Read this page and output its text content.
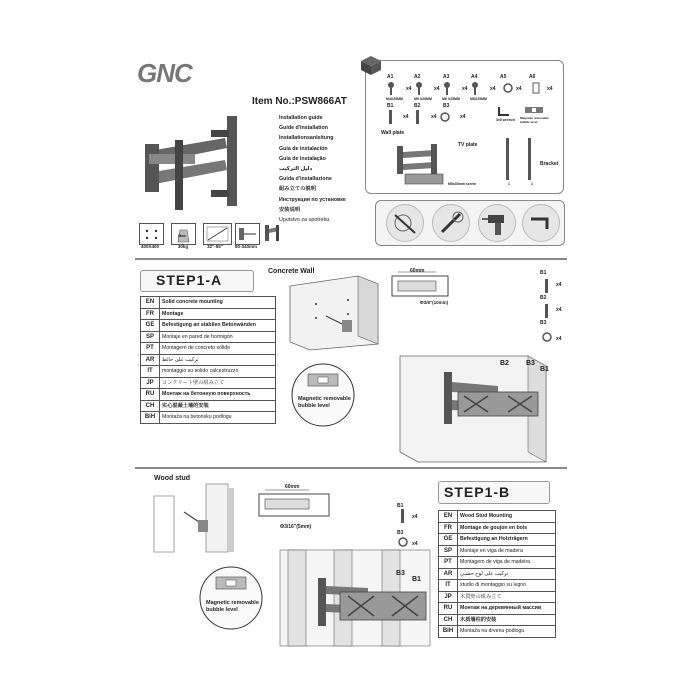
GNC
Item No.:PSW866AT
Installation guide
Guide d'installation
Installationsanleitung
Guía de instalación
Guia de instalação
دليل التركيب
Guida d'installazione
組み立ての説明
Инструкция по установке
安装说明
Uputstvo za upotrebu
400X400
Max
30kg	32"-55"	80-340mm
A1
x4
M4X25MM
A2
x4
M5 X25MM
A3
x4
M6 X25MM
A4
x4
M8X25MM
A5
x4
A6
x4
B1
x4
B2
x4
B3
x4	3x5 wrench	Magnetic removable bubble level
Wall plate
TV plate
Bracket
M5x30mm screw	1	1
STEP1-A
Concrete Wall	60mm
Φ3/8"(10mm)
B1
x4
B2
x4
B3
x4
EN	Solid concrete mounting
FR	Montage
GE	Befestigung an stabilen Betonwänden
SP	Montaje en pared de hormigón
PT	Montagem de concreto sólido
AR	تركيب على حائط
IT	montaggio su solido calcestruzzo
JP	コンクリート壁の組み立て
RU	Монтаж на бетонную поверхность
CH	实心混凝土墙的安装
BiH	Montaža na betonsku podlogu
Magnetic removable bubble level
B2 B3
B1
Wood stud
60mm
Φ3/16"(5mm)
STEP1-B
B1
x4
B3
x4
EN	Wood Stud Mounting
FR	Montage de goujon en bois
GE	Befestigung an Holzträgern
SP	Montaje en viga de madera
PT	Montagem de viga de madeira
AR	تركيب على لوح خشبي
IT	studio di montaggio su legno
JP	木質壁の組み立て
RU	Монтаж на деревянный массив
CH	木质墙柱的安装
BiH	Montaža na drvenu podlogu
Magnetic removable bubble level
B3
B1
